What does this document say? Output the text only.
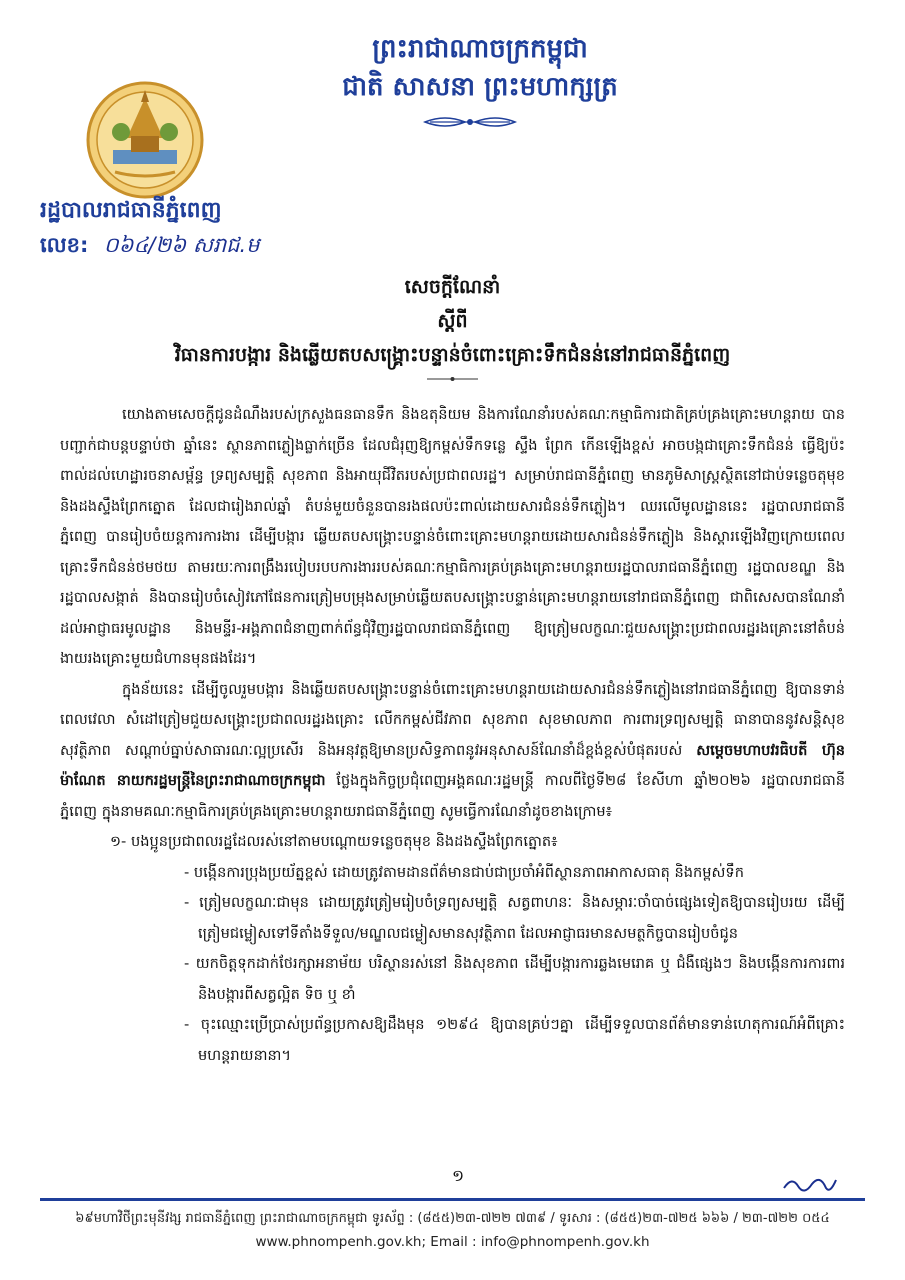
ព្រះរាជាណាចក្រកម្ពុជា
ជាតិ សាសនា ព្រះមហាក្សត្រ
រដ្ឋបាលរាជធានីភ្នំពេញ
លេខ: ០៦៤/២៦ សរាជ.ម
សេចក្តីណែនាំ
ស្តីពី
វិធានការបង្ការ និងឆ្លើយតបសង្គ្រោះបន្ទាន់ចំពោះគ្រោះទឹកជំនន់នៅរាជធានីភ្នំពេញ

យោងតាមសេចក្តីជូនដំណឹងរបស់ក្រសួងធនធានទឹក និងឧតុនិយម និងការណែនាំរបស់គណៈកម្មាធិការជាតិគ្រប់គ្រងគ្រោះមហន្តរាយ បានបញ្ជាក់ជាបន្តបន្ទាប់ថា ឆ្នាំនេះ ស្ថានភាពភ្លៀងធ្លាក់ច្រើន ដែលជំរុញឱ្យកម្ពស់ទឹកទន្លេ ស្ទឹង ព្រែក កើនឡើងខ្ពស់ អាចបង្កជាគ្រោះទឹកជំនន់ ធ្វើឱ្យប៉ះពាល់ដល់ហេដ្ឋារចនាសម្ព័ន្ធ ទ្រព្យសម្បត្តិ សុខភាព និងអាយុជីវិតរបស់ប្រជាពលរដ្ឋ។ សម្រាប់រាជធានីភ្នំពេញ មានភូមិសាស្ត្រស្ថិតនៅជាប់ទន្លេចតុមុខ និងដងស្ទឹងព្រែកត្នោត ដែលជារៀងរាល់ឆ្នាំ តំបន់មួយចំនួនបានរងផលប៉ះពាល់ដោយសារជំនន់ទឹកភ្លៀង។ ឈរលើមូលដ្ឋាននេះ រដ្ឋបាលរាជធានីភ្នំពេញ បានរៀបចំយន្តការការងារ ដើម្បីបង្ការ ឆ្លើយតបសង្គ្រោះបន្ទាន់ចំពោះគ្រោះមហន្តរាយដោយសារជំនន់ទឹកភ្លៀង និងស្តារឡើងវិញក្រោយពេលគ្រោះទឹកជំនន់ថមថយ តាមរយៈការពង្រឹងរបៀបរបបការងាររបស់គណៈកម្មាធិការគ្រប់គ្រងគ្រោះមហន្តរាយរដ្ឋបាលរាជធានីភ្នំពេញ រដ្ឋបាលខណ្ឌ និងរដ្ឋបាលសង្កាត់ និងបានរៀបចំសៀវភៅផែនការត្រៀមបម្រុងសម្រាប់ឆ្លើយតបសង្គ្រោះបន្ទាន់គ្រោះមហន្តរាយនៅរាជធានីភ្នំពេញ ជាពិសេសបានណែនាំដល់អាជ្ញាធរមូលដ្ឋាន និងមន្ទីរ-អង្គភាពជំនាញពាក់ព័ន្ធជុំវិញរដ្ឋបាលរាជធានីភ្នំពេញ ឱ្យត្រៀមលក្ខណៈជួយសង្គ្រោះប្រជាពលរដ្ឋរងគ្រោះនៅតំបន់ងាយរងគ្រោះមួយជំហានមុនផងដែរ។

ក្នុងន័យនេះ ដើម្បីចូលរួមបង្ការ និងឆ្លើយតបសង្គ្រោះបន្ទាន់ចំពោះគ្រោះមហន្តរាយដោយសារជំនន់ទឹកភ្លៀងនៅរាជធានីភ្នំពេញ ឱ្យបានទាន់ពេលវេលា សំដៅត្រៀមជួយសង្គ្រោះប្រជាពលរដ្ឋរងគ្រោះ លើកកម្ពស់ជីវភាព សុខភាព សុខមាលភាព ការពារទ្រព្យសម្បត្តិ ធានាបាននូវសន្តិសុខ សុវត្ថិភាព សណ្តាប់ធ្នាប់សាធារណៈល្អប្រសើរ និងអនុវត្តឱ្យមានប្រសិទ្ធភាពនូវអនុសាសន៍ណែនាំដ៏ខ្ពង់ខ្ពស់បំផុតរបស់ សម្តេចមហាបវរធិបតី ហ៊ុន ម៉ាណែត នាយករដ្ឋមន្ត្រីនៃព្រះរាជាណាចក្រកម្ពុជា ថ្លែងក្នុងកិច្ចប្រជុំពេញអង្គគណៈរដ្ឋមន្ត្រី កាលពីថ្ងៃទី២៨ ខែសីហា ឆ្នាំ២០២៦ រដ្ឋបាលរាជធានីភ្នំពេញ ក្នុងនាមគណៈកម្មាធិការគ្រប់គ្រងគ្រោះមហន្តរាយរាជធានីភ្នំពេញ សូមធ្វើការណែនាំដូចខាងក្រោម៖

១- បងប្អូនប្រជាពលរដ្ឋដែលរស់នៅតាមបណ្តោយទន្លេចតុមុខ និងដងស្ទឹងព្រែកត្នោត៖

- បង្កើនការប្រុងប្រយ័ត្នខ្ពស់ ដោយត្រូវតាមដានព័ត៌មានជាប់ជាប្រចាំអំពីស្ថានភាពអាកាសធាតុ និងកម្ពស់ទឹក

- ត្រៀមលក្ខណៈជាមុន ដោយត្រូវត្រៀមរៀបចំទ្រព្យសម្បត្តិ សត្វពាហនៈ និងសម្ភារៈចាំបាច់ផ្សេងទៀតឱ្យបានរៀបរយ ដើម្បីត្រៀមជម្លៀសទៅទីតាំងទីទួល/មណ្ឌលជម្លៀសមានសុវត្ថិភាព ដែលអាជ្ញាធរមានសមត្ថកិច្ចបានរៀបចំជូន

- យកចិត្តទុកដាក់ថែរក្សាអនាម័យ បរិស្ថានរស់នៅ និងសុខភាព ដើម្បីបង្ការការឆ្លងមេរោគ ឬ ជំងឺផ្សេងៗ និងបង្កើនការការពារ និងបង្ការពីសត្វល្អិត ទិច ឬ ខាំ

- ចុះឈ្មោះប្រើប្រាស់ប្រព័ន្ធប្រកាសឱ្យដឹងមុន ១២៩៤ ឱ្យបានគ្រប់ៗគ្នា ដើម្បីទទួលបានព័ត៌មានទាន់ហេតុការណ៍អំពីគ្រោះមហន្តរាយនានា។

១
៦៩មហាវិថីព្រះមុនីវង្ស រាជធានីភ្នំពេញ ព្រះរាជាណាចក្រកម្ពុជា ទូរស័ព្ទ : (៨៥៥)២៣-៧២២ ៧៣៩ / ទូរសារ : (៨៥៥)២៣-៧២៥ ៦៦៦ / ២៣-៧២២ ០៥៤
www.phnompenh.gov.kh; Email : info@phnompenh.gov.kh
